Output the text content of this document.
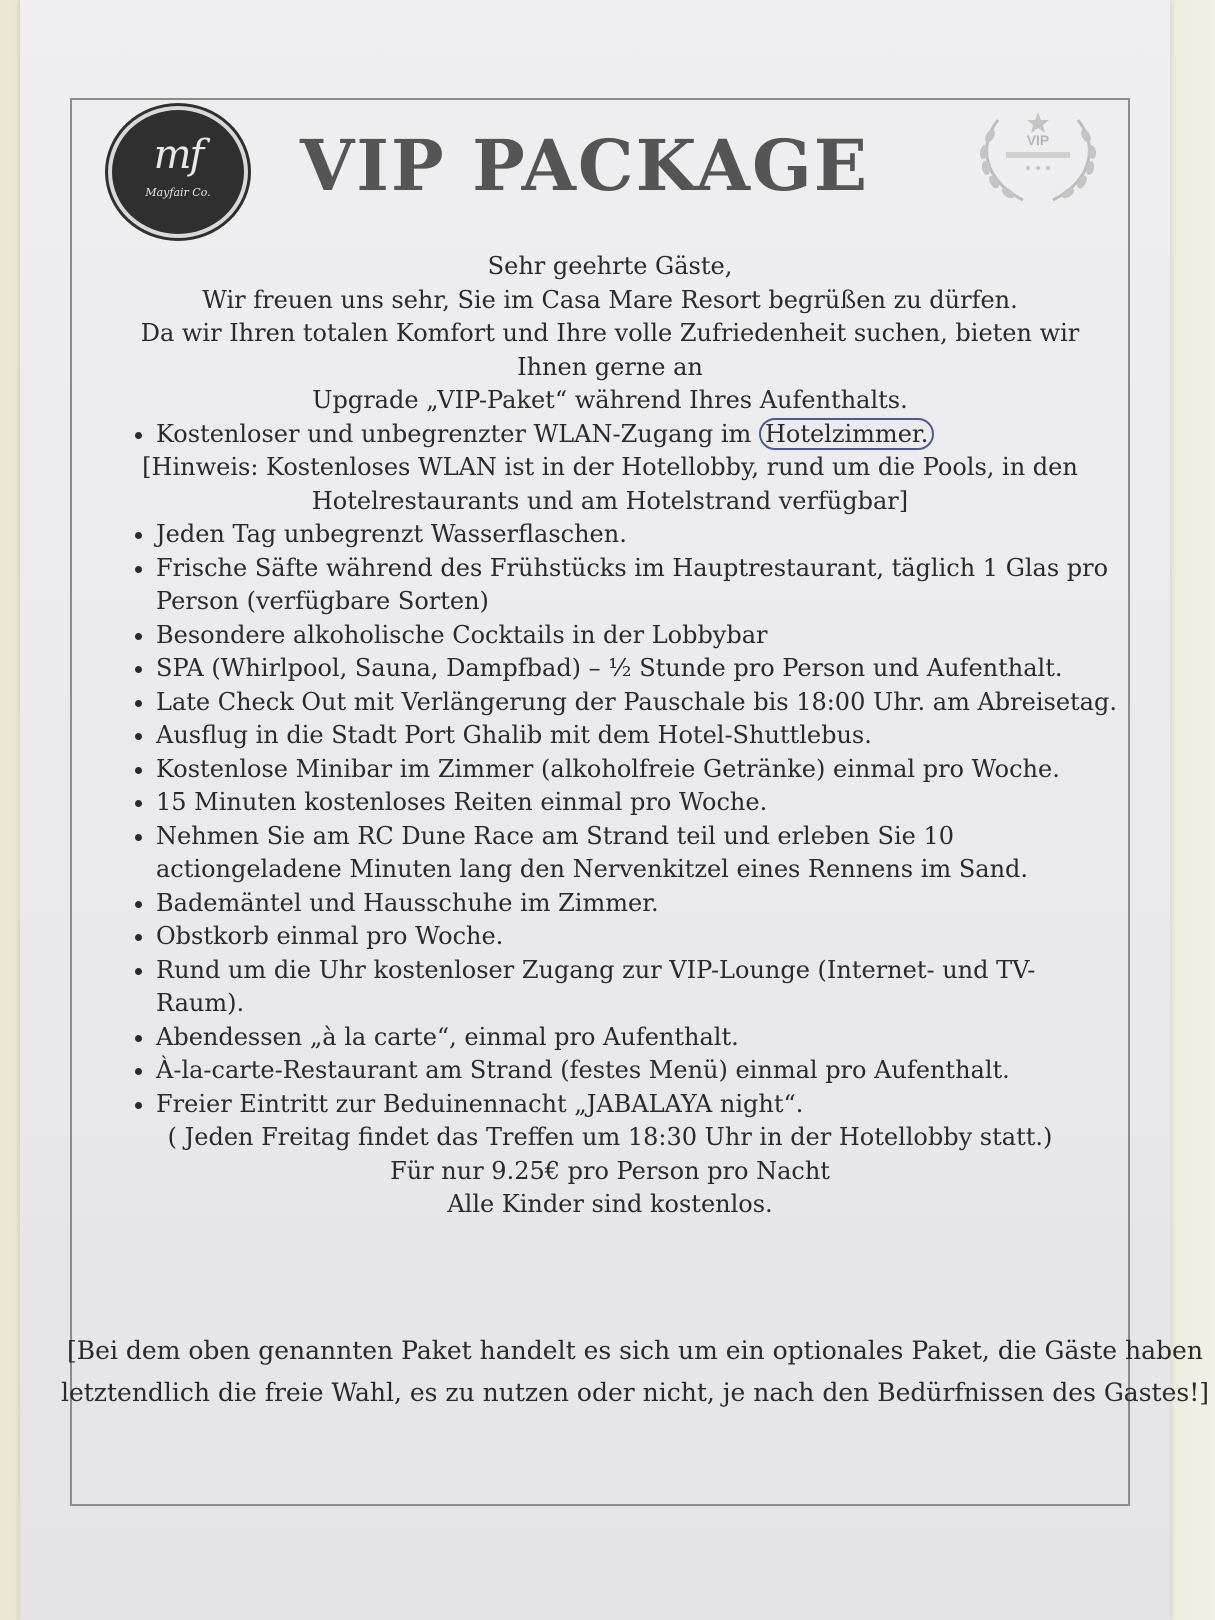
mf
Mayfair Co.	VIP PACKAGE	VIP

Sehr geehrte Gäste,

Wir freuen uns sehr, Sie im Casa Mare Resort begrüßen zu dürfen.

Da wir Ihren totalen Komfort und Ihre volle Zufriedenheit suchen, bieten wir

Ihnen gerne an

Upgrade „VIP-Paket“ während Ihres Aufenthalts.

• Kostenloser und unbegrenzter WLAN-Zugang im Hotelzimmer.

[Hinweis: Kostenloses WLAN ist in der Hotellobby, rund um die Pools, in den

Hotelrestaurants und am Hotelstrand verfügbar]

• Jeden Tag unbegrenzt Wasserflaschen.
• Frische Säfte während des Frühstücks im Hauptrestaurant, täglich 1 Glas pro Person (verfügbare Sorten)
• Besondere alkoholische Cocktails in der Lobbybar
• SPA (Whirlpool, Sauna, Dampfbad) – ½ Stunde pro Person und Aufenthalt.
• Late Check Out mit Verlängerung der Pauschale bis 18:00 Uhr. am Abreisetag.
• Ausflug in die Stadt Port Ghalib mit dem Hotel-Shuttlebus.
• Kostenlose Minibar im Zimmer (alkoholfreie Getränke) einmal pro Woche.
• 15 Minuten kostenloses Reiten einmal pro Woche.
• Nehmen Sie am RC Dune Race am Strand teil und erleben Sie 10 actiongeladene Minuten lang den Nervenkitzel eines Rennens im Sand.
• Bademäntel und Hausschuhe im Zimmer.
• Obstkorb einmal pro Woche.
• Rund um die Uhr kostenloser Zugang zur VIP-Lounge (Internet- und TV-Raum).
• Abendessen „à la carte“, einmal pro Aufenthalt.
• À-la-carte-Restaurant am Strand (festes Menü) einmal pro Aufenthalt.
• Freier Eintritt zur Beduinennacht „JABALAYA night“.

( Jeden Freitag findet das Treffen um 18:30 Uhr in der Hotellobby statt.)

Für nur 9.25€ pro Person pro Nacht

Alle Kinder sind kostenlos.

[Bei dem oben genannten Paket handelt es sich um ein optionales Paket, die Gäste haben letztendlich die freie Wahl, es zu nutzen oder nicht, je nach den Bedürfnissen des Gastes!]
